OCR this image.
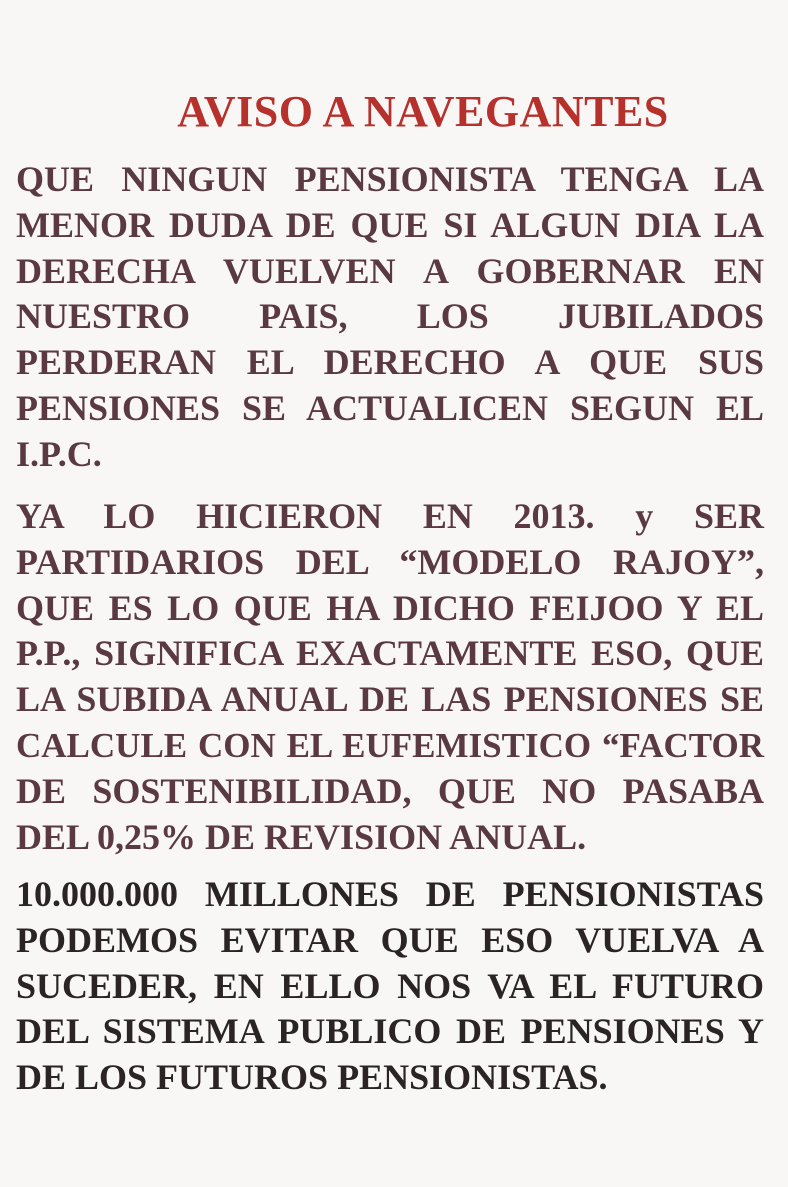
AVISO A NAVEGANTES
QUE NINGUN PENSIONISTA TENGA LA
MENOR DUDA DE QUE SI ALGUN DIA LA
DERECHA VUELVEN A GOBERNAR EN
NUESTRO PAIS, LOS JUBILADOS
PERDERAN EL DERECHO A QUE SUS
PENSIONES SE ACTUALICEN SEGUN EL
I.P.C.
YA LO HICIERON EN 2013. y SER
PARTIDARIOS DEL “MODELO RAJOY”,
QUE ES LO QUE HA DICHO FEIJOO Y EL
P.P., SIGNIFICA EXACTAMENTE ESO, QUE
LA SUBIDA ANUAL DE LAS PENSIONES SE
CALCULE CON EL EUFEMISTICO “FACTOR
DE SOSTENIBILIDAD, QUE NO PASABA
DEL 0,25% DE REVISION ANUAL.
10.000.000 MILLONES DE PENSIONISTAS
PODEMOS EVITAR QUE ESO VUELVA A
SUCEDER, EN ELLO NOS VA EL FUTURO
DEL SISTEMA PUBLICO DE PENSIONES Y
DE LOS FUTUROS PENSIONISTAS.
